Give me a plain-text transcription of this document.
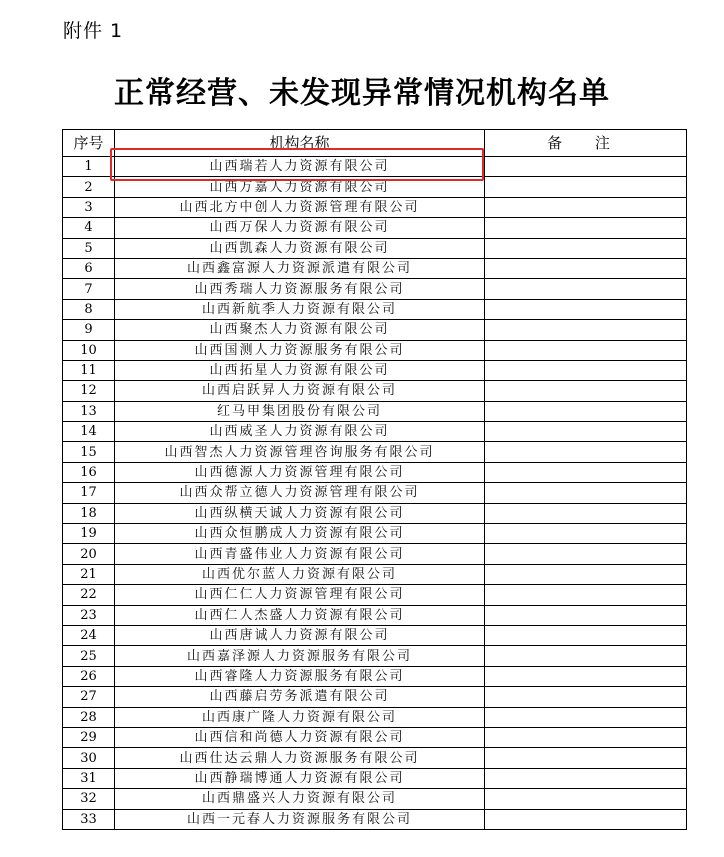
附件 1
正常经营、未发现异常情况机构名单
序号	机构名称	备 注
1	山西瑞若人力资源有限公司	
2	山西万嘉人力资源有限公司	
3	山西北方中创人力资源管理有限公司	
4	山西万保人力资源有限公司	
5	山西凯森人力资源有限公司	
6	山西鑫富源人力资源派遣有限公司	
7	山西秀瑞人力资源服务有限公司	
8	山西新航季人力资源有限公司	
9	山西聚杰人力资源有限公司	
10	山西国测人力资源服务有限公司	
11	山西拓星人力资源有限公司	
12	山西启跃昇人力资源有限公司	
13	红马甲集团股份有限公司	
14	山西威圣人力资源有限公司	
15	山西智杰人力资源管理咨询服务有限公司	
16	山西德源人力资源管理有限公司	
17	山西众帮立德人力资源管理有限公司	
18	山西纵横天诚人力资源有限公司	
19	山西众恒鹏成人力资源有限公司	
20	山西青盛伟业人力资源有限公司	
21	山西优尔蓝人力资源有限公司	
22	山西仁仁人力资源管理有限公司	
23	山西仁人杰盛人力资源有限公司	
24	山西唐诚人力资源有限公司	
25	山西嘉泽源人力资源服务有限公司	
26	山西睿隆人力资源服务有限公司	
27	山西藤启劳务派遣有限公司	
28	山西康广隆人力资源有限公司	
29	山西信和尚德人力资源有限公司	
30	山西仕达云鼎人力资源服务有限公司	
31	山西静瑞博通人力资源有限公司	
32	山西鼎盛兴人力资源有限公司	
33	山西一元春人力资源服务有限公司	
